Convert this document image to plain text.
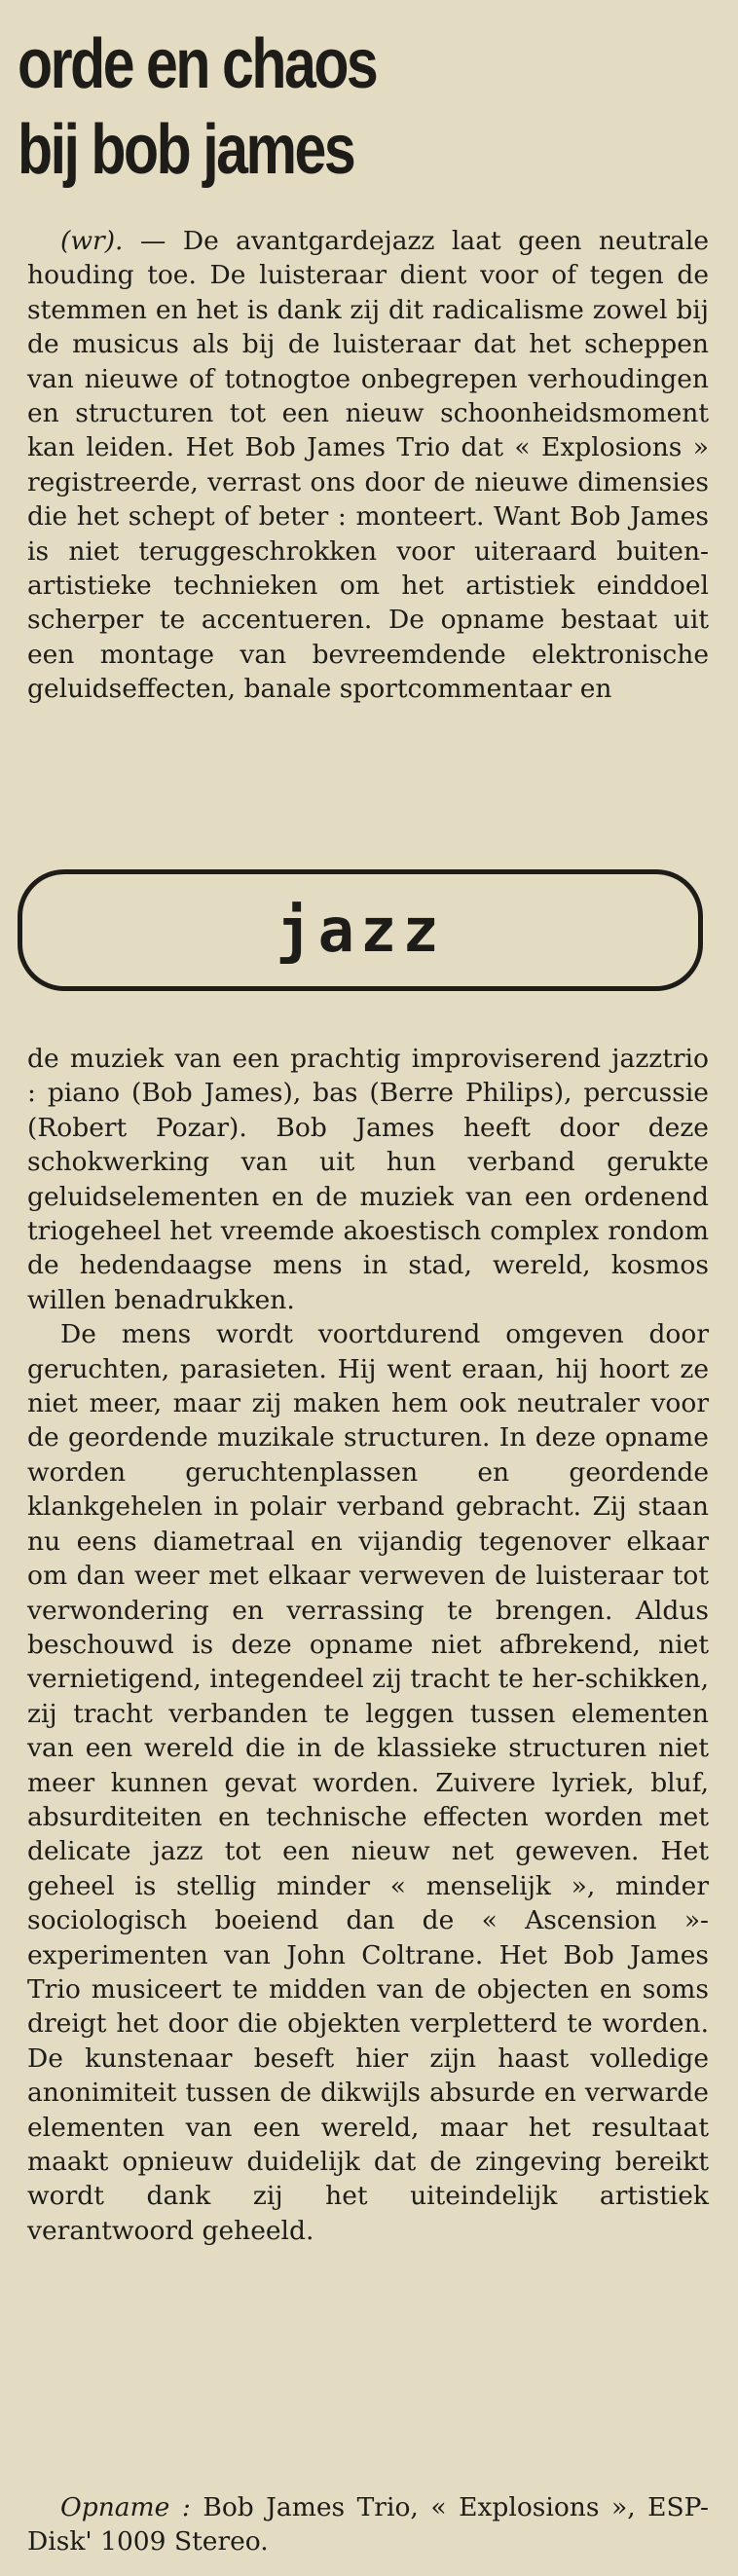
orde en chaos
bij bob james

(wr). — De avantgardejazz laat geen neutrale houding toe. De luisteraar dient voor of tegen de stemmen en het is dank zij dit radicalisme zowel bij de musicus als bij de luisteraar dat het scheppen van nieuwe of totnogtoe onbegrepen verhoudingen en structuren tot een nieuw schoonheidsmoment kan leiden. Het Bob James Trio dat « Explosions » registreerde, verrast ons door de nieuwe dimensies die het schept of beter : monteert. Want Bob James is niet teruggeschrokken voor uiteraard buiten-artistieke technieken om het artistiek einddoel scherper te accentueren. De opname bestaat uit een montage van bevreemdende elektronische geluidseffecten, banale sportcommentaar en

jazz

de muziek van een prachtig improviserend jazztrio : piano (Bob James), bas (Berre Philips), percussie (Robert Pozar). Bob James heeft door deze schokwerking van uit hun verband gerukte geluidselementen en de muziek van een ordenend triogeheel het vreemde akoestisch complex rondom de hedendaagse mens in stad, wereld, kosmos willen benadrukken.

De mens wordt voortdurend omgeven door geruchten, parasieten. Hij went eraan, hij hoort ze niet meer, maar zij maken hem ook neutraler voor de geordende muzikale structuren. In deze opname worden geruchtenplassen en geordende klankgehelen in polair verband gebracht. Zij staan nu eens diametraal en vijandig tegenover elkaar om dan weer met elkaar verweven de luisteraar tot verwondering en verrassing te brengen. Aldus beschouwd is deze opname niet afbrekend, niet vernietigend, integendeel zij tracht te her-schikken, zij tracht verbanden te leggen tussen elementen van een wereld die in de klassieke structuren niet meer kunnen gevat worden. Zuivere lyriek, bluf, absurditeiten en technische effecten worden met delicate jazz tot een nieuw net geweven. Het geheel is stellig minder « menselijk », minder sociologisch boeiend dan de « Ascension »-experimenten van John Coltrane. Het Bob James Trio musiceert te midden van de objecten en soms dreigt het door die objekten verpletterd te worden. De kunstenaar beseft hier zijn haast volledige anonimiteit tussen de dikwijls absurde en verwarde elementen van een wereld, maar het resultaat maakt opnieuw duidelijk dat de zingeving bereikt wordt dank zij het uiteindelijk artistiek verantwoord geheeld.

Opname : Bob James Trio, « Explosions », ESP-Disk' 1009 Stereo.
